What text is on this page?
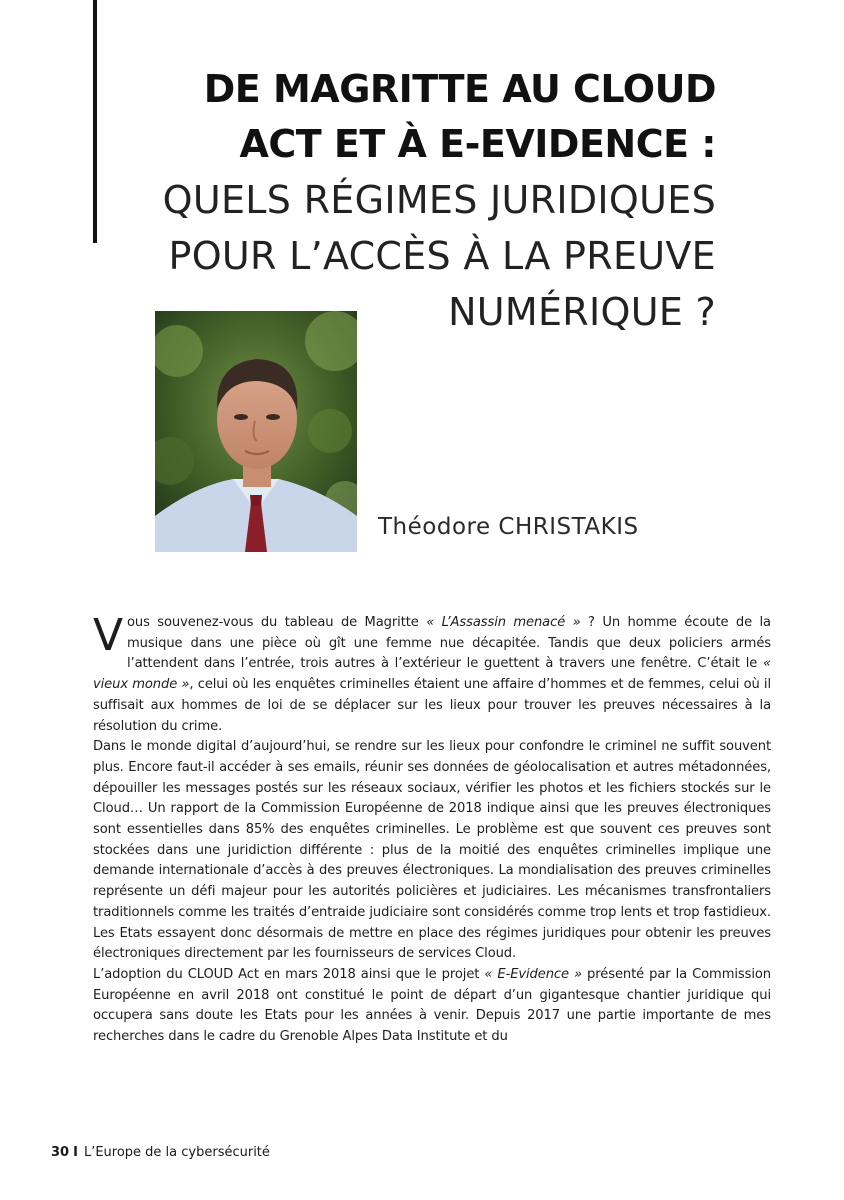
DE MAGRITTE AU CLOUD
ACT ET À E-EVIDENCE :
QUELS RÉGIMES JURIDIQUES
POUR L’ACCÈS À LA PREUVE
NUMÉRIQUE ?
Théodore CHRISTAKIS

Vous souvenez-vous du tableau de Magritte « L’Assassin menacé » ? Un homme écoute de la musique dans une pièce où gît une femme nue décapitée. Tandis que deux policiers armés l’attendent dans l’entrée, trois autres à l’extérieur le guettent à travers une fenêtre. C’était le « vieux monde », celui où les enquêtes criminelles étaient une affaire d’hommes et de femmes, celui où il suffisait aux hommes de loi de se déplacer sur les lieux pour trouver les preuves nécessaires à la résolution du crime.

Dans le monde digital d’aujourd’hui, se rendre sur les lieux pour confondre le criminel ne suffit souvent plus. Encore faut-il accéder à ses emails, réunir ses données de géolocalisation et autres métadonnées, dépouiller les messages postés sur les réseaux sociaux, vérifier les photos et les fichiers stockés sur le Cloud… Un rapport de la Commission Européenne de 2018 indique ainsi que les preuves électroniques sont essentielles dans 85% des enquêtes criminelles. Le problème est que souvent ces preuves sont stockées dans une juridiction différente : plus de la moitié des enquêtes criminelles implique une demande internationale d’accès à des preuves électroniques. La mondialisation des preuves criminelles représente un défi majeur pour les autorités policières et judiciaires. Les mécanismes transfrontaliers traditionnels comme les traités d’entraide judiciaire sont considérés comme trop lents et trop fastidieux. Les Etats essayent donc désormais de mettre en place des régimes juridiques pour obtenir les preuves électroniques directement par les fournisseurs de services Cloud.

L’adoption du CLOUD Act en mars 2018 ainsi que le projet « E-Evidence » présenté par la Commission Européenne en avril 2018 ont constitué le point de départ d’un gigantesque chantier juridique qui occupera sans doute les Etats pour les années à venir. Depuis 2017 une partie importante de mes recherches dans le cadre du Grenoble Alpes Data Institute et du

30 I L’Europe de la cybersécurité
